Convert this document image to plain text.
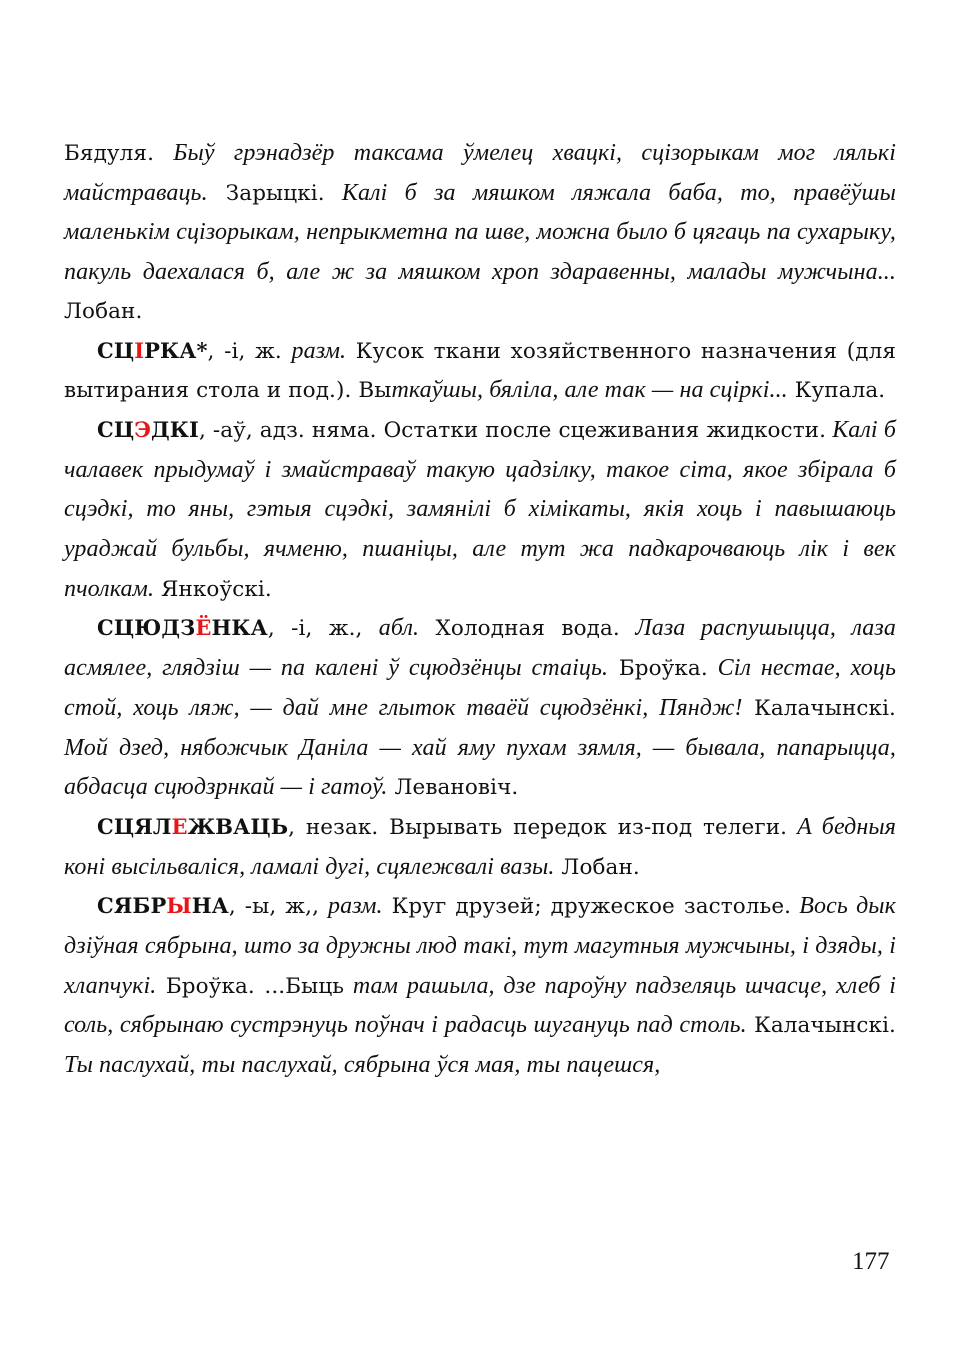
Бядуля. Быў грэнадзёр таксама ўмелец хвацкі, сцізорыкам мог лялькі майстраваць. Зарыцкі. Калі б за мяшком ляжала баба, то, правёўшы маленькім сцізорыкам, непрыкметна па шве, можна было б цягаць па сухарыку, пакуль даехалася б, але ж за мяшком хроп здаравенны, малады мужчына... Лобан.

СЦІРКА*, -і, ж. разм. Кусок ткани хозяйственного назначения (для вытирания стола и под.). Выткаўшы, бяліла, але так — на сціркі... Купала.

СЦЭДКІ, -аў, адз. няма. Остатки после сцеживания жидкости. Калі б чалавек прыдумаў і змайстраваў такую цадзілку, такое сіта, якое збірала б сцэдкі, то яны, гэтыя сцэдкі, замянілі б хімікаты, якія хоць і павышаюць ураджай бульбы, ячменю, пшаніцы, але тут жа падкарочваюць лік і век пчолкам. Янкоўскі.

СЦЮДЗЁНКА, -і, ж., абл. Холодная вода. Лаза распушыцца, лаза асмялее, глядзіш — па калені ў сцюдзёнцы стаіць. Броўка. Сіл нестае, хоць стой, хоць ляж, — дай мне глыток тваёй сцюдзёнкі, Пяндж! Калачынскі. Мой дзед, нябожчык Даніла — хай яму пухам зямля, — бывала, папарыцца, абдасца сцюдзрнкай — і гатоў. Левановіч.

СЦЯЛЕЖВАЦЬ, незак. Вырывать передок из-под телеги. А бедныя коні высільваліся, ламалі дугі, сцялежвалі вазы. Лобан.

СЯБРЫНА, -ы, ж,, разм. Круг друзей; дружеское застолье. Вось дык дзіўная сябрына, што за дружны люд такі, тут магутныя мужчыны, і дзяды, і хлапчукі. Броўка. ...Быць там рашыла, дзе пароўну падзеляць шчасце, хлеб і соль, сябрынаю сустрэнуць поўнач і радасць шугануць пад столь. Калачынскі. Ты паслухай, ты паслухай, сябрына ўся мая, ты пацешся,

177
